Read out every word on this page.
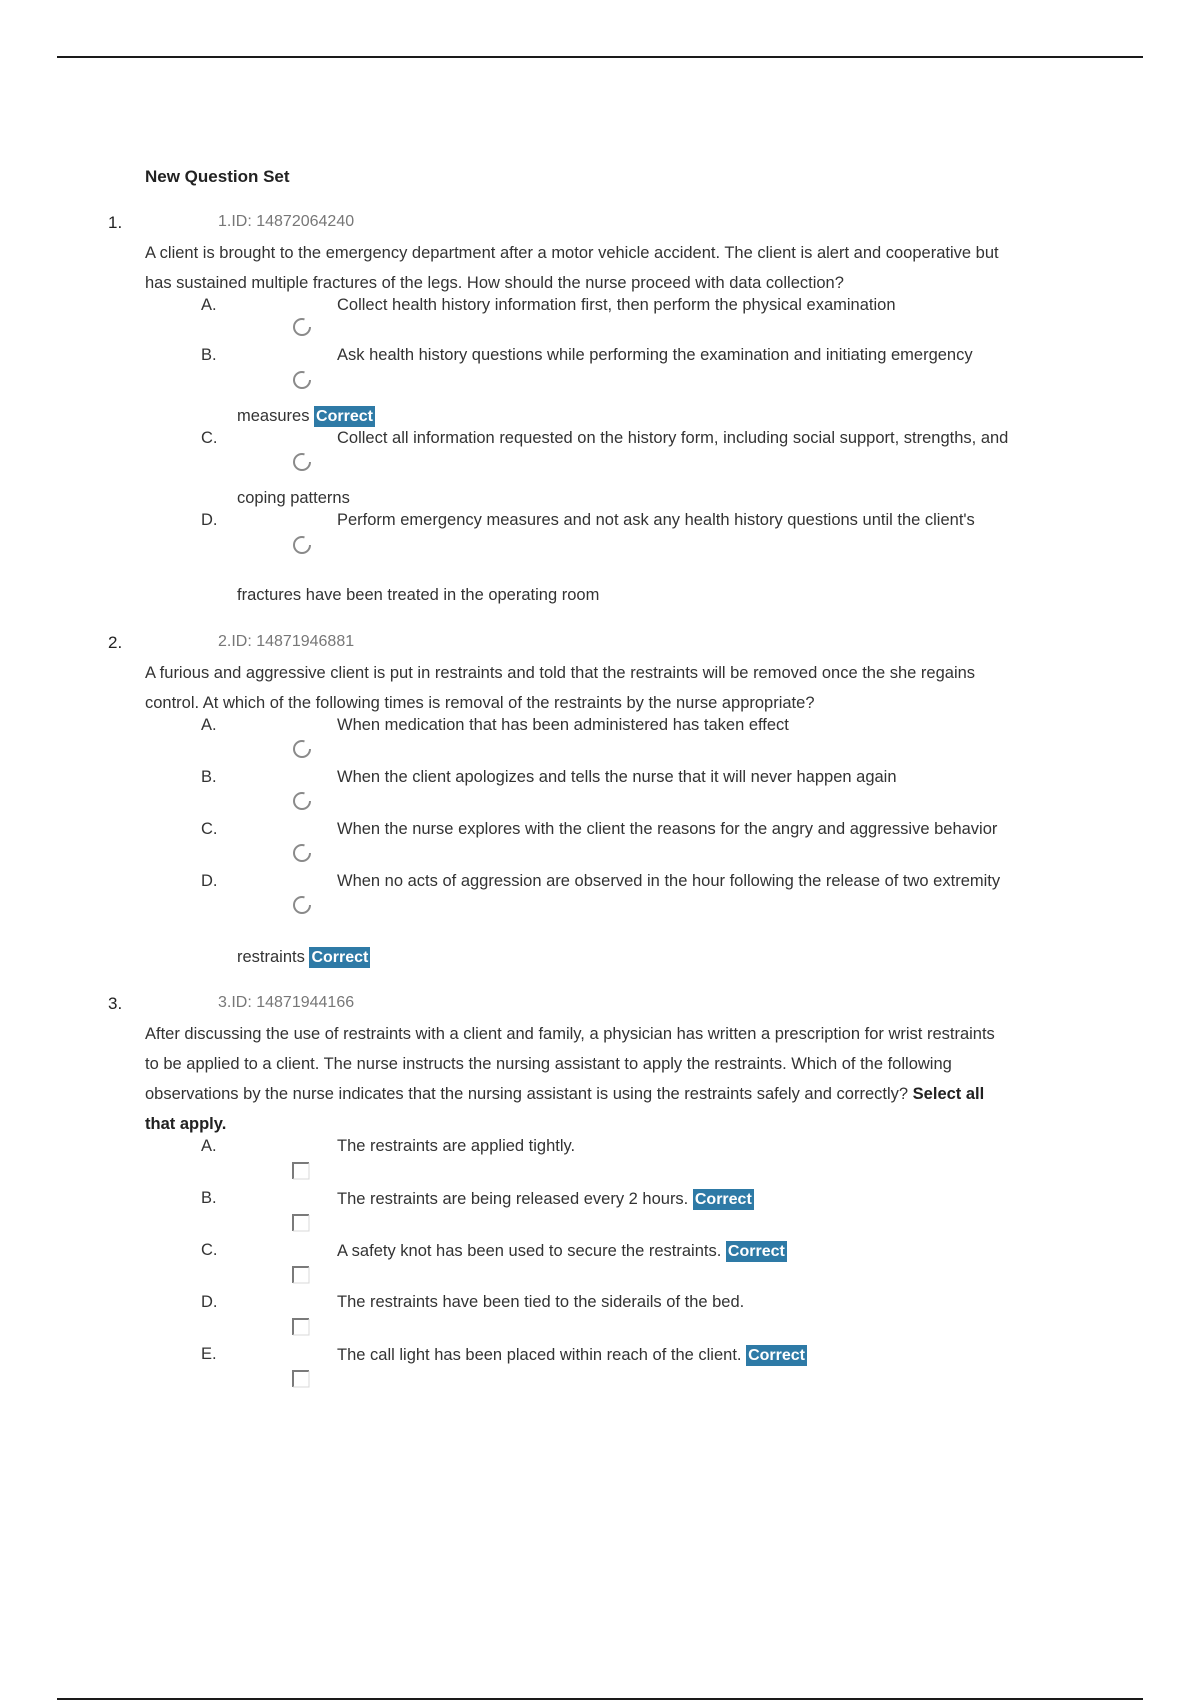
New Question Set
1.	1.ID: 14872064240
A client is brought to the emergency department after a motor vehicle accident. The client is alert and cooperative but
has sustained multiple fractures of the legs. How should the nurse proceed with data collection?
A.	Collect health history information first, then perform the physical examination
B.	Ask health history questions while performing the examination and initiating emergency
measures Correct
C.	Collect all information requested on the history form, including social support, strengths, and
coping patterns
D.	Perform emergency measures and not ask any health history questions until the client's
fractures have been treated in the operating room
2.	2.ID: 14871946881
A furious and aggressive client is put in restraints and told that the restraints will be removed once the she regains
control. At which of the following times is removal of the restraints by the nurse appropriate?
A.	When medication that has been administered has taken effect
B.	When the client apologizes and tells the nurse that it will never happen again
C.	When the nurse explores with the client the reasons for the angry and aggressive behavior
D.	When no acts of aggression are observed in the hour following the release of two extremity
restraints Correct
3.	3.ID: 14871944166
After discussing the use of restraints with a client and family, a physician has written a prescription for wrist restraints
to be applied to a client. The nurse instructs the nursing assistant to apply the restraints. Which of the following
observations by the nurse indicates that the nursing assistant is using the restraints safely and correctly? Select all
that apply.
A.	The restraints are applied tightly.
B.	The restraints are being released every 2 hours. Correct
C.	A safety knot has been used to secure the restraints. Correct
D.	The restraints have been tied to the siderails of the bed.
E.	The call light has been placed within reach of the client. Correct
